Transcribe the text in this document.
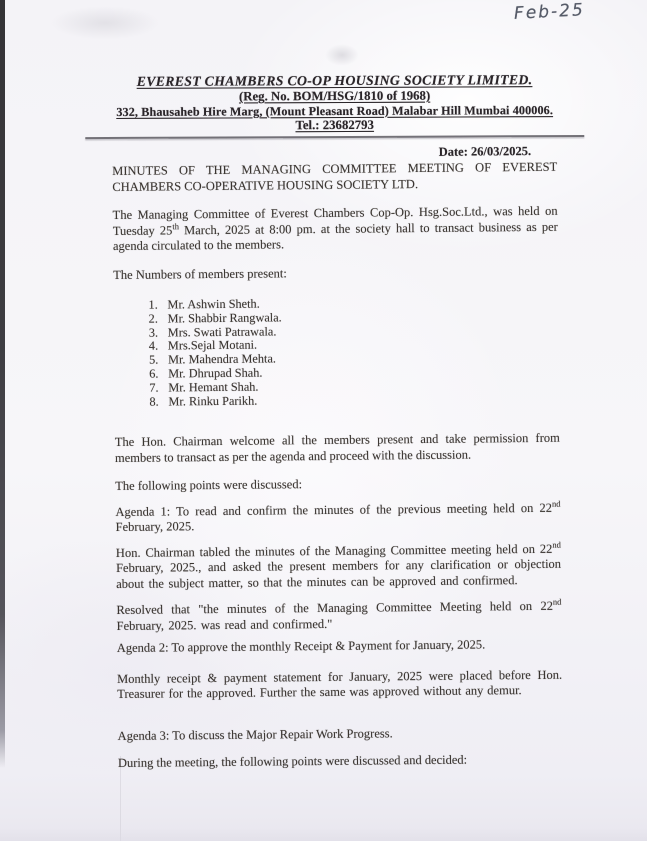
Feb-25
EVEREST CHAMBERS CO-OP HOUSING SOCIETY LIMITED.
(Reg. No. BOM/HSG/1810 of 1968)
332, Bhausaheb Hire Marg, (Mount Pleasant Road) Malabar Hill Mumbai 400006.
Tel.: 23682793
Date: 26/03/2025.

MINUTES OF THE MANAGING COMMITTEE MEETING OF EVEREST CHAMBERS CO-OPERATIVE HOUSING SOCIETY LTD.

The Managing Committee of Everest Chambers Cop-Op. Hsg.Soc.Ltd., was held on Tuesday 25th March, 2025 at 8:00 pm. at the society hall to transact business as per agenda circulated to the members.

The Numbers of members present:

1. Mr. Ashwin Sheth.
2. Mr. Shabbir Rangwala.
3. Mrs. Swati Patrawala.
4. Mrs.Sejal Motani.
5. Mr. Mahendra Mehta.
6. Mr. Dhrupad Shah.
7. Mr. Hemant Shah.
8. Mr. Rinku Parikh.

The Hon. Chairman welcome all the members present and take permission from members to transact as per the agenda and proceed with the discussion.

The following points were discussed:

Agenda 1: To read and confirm the minutes of the previous meeting held on 22nd February, 2025.

Hon. Chairman tabled the minutes of the Managing Committee meeting held on 22nd February, 2025., and asked the present members for any clarification or objection about the subject matter, so that the minutes can be approved and confirmed.

Resolved that "the minutes of the Managing Committee Meeting held on 22nd February, 2025. was read and confirmed."

Agenda 2: To approve the monthly Receipt & Payment for January, 2025.

Monthly receipt & payment statement for January, 2025 were placed before Hon. Treasurer for the approved. Further the same was approved without any demur.

Agenda 3: To discuss the Major Repair Work Progress.

During the meeting, the following points were discussed and decided:
